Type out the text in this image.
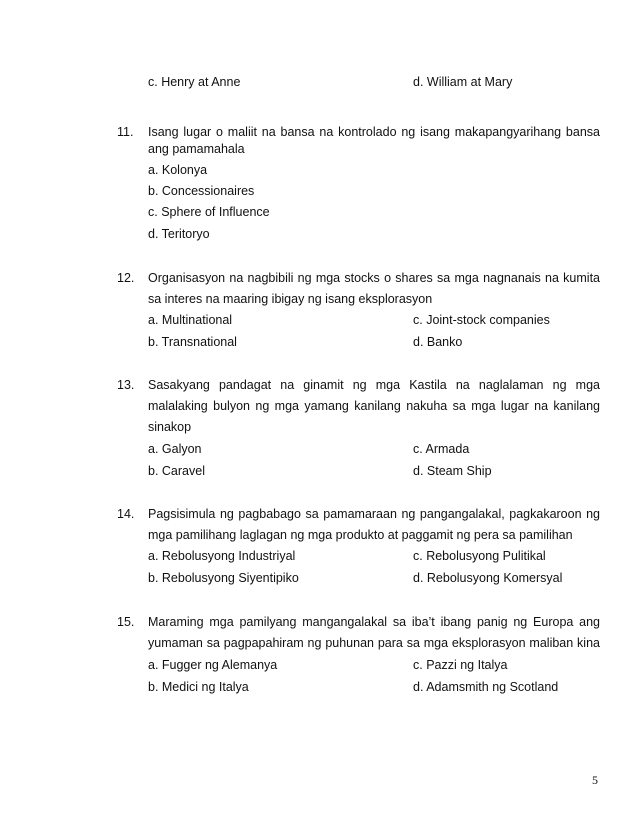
c. Henry at Anne	d. William at Mary
11. Isang lugar o maliit na bansa na kontrolado ng isang makapangyarihang bansa
ang pamamahala
a. Kolonya
b. Concessionaires
c. Sphere of Influence
d. Teritoryo
12. Organisasyon na nagbibili ng mga stocks o shares sa mga nagnanais na kumita
sa interes na maaring ibigay ng isang eksplorasyon
a. Multinational	c. Joint-stock companies
b. Transnational	d. Banko
13. Sasakyang pandagat na ginamit ng mga Kastila na naglalaman ng mga
malalaking bulyon ng mga yamang kanilang nakuha sa mga lugar na kanilang
sinakop
a. Galyon	c. Armada
b. Caravel	d. Steam Ship
14. Pagsisimula ng pagbabago sa pamamaraan ng pangangalakal, pagkakaroon ng
mga pamilihang laglagan ng mga produkto at paggamit ng pera sa pamilihan
a. Rebolusyong Industriyal	c. Rebolusyong Pulitikal
b. Rebolusyong Siyentipiko	d. Rebolusyong Komersyal
15. Maraming mga pamilyang mangangalakal sa iba’t ibang panig ng Europa ang
yumaman sa pagpapahiram ng puhunan para sa mga eksplorasyon maliban kina
a. Fugger ng Alemanya	c. Pazzi ng Italya
b. Medici ng Italya	d. Adamsmith ng Scotland
5
